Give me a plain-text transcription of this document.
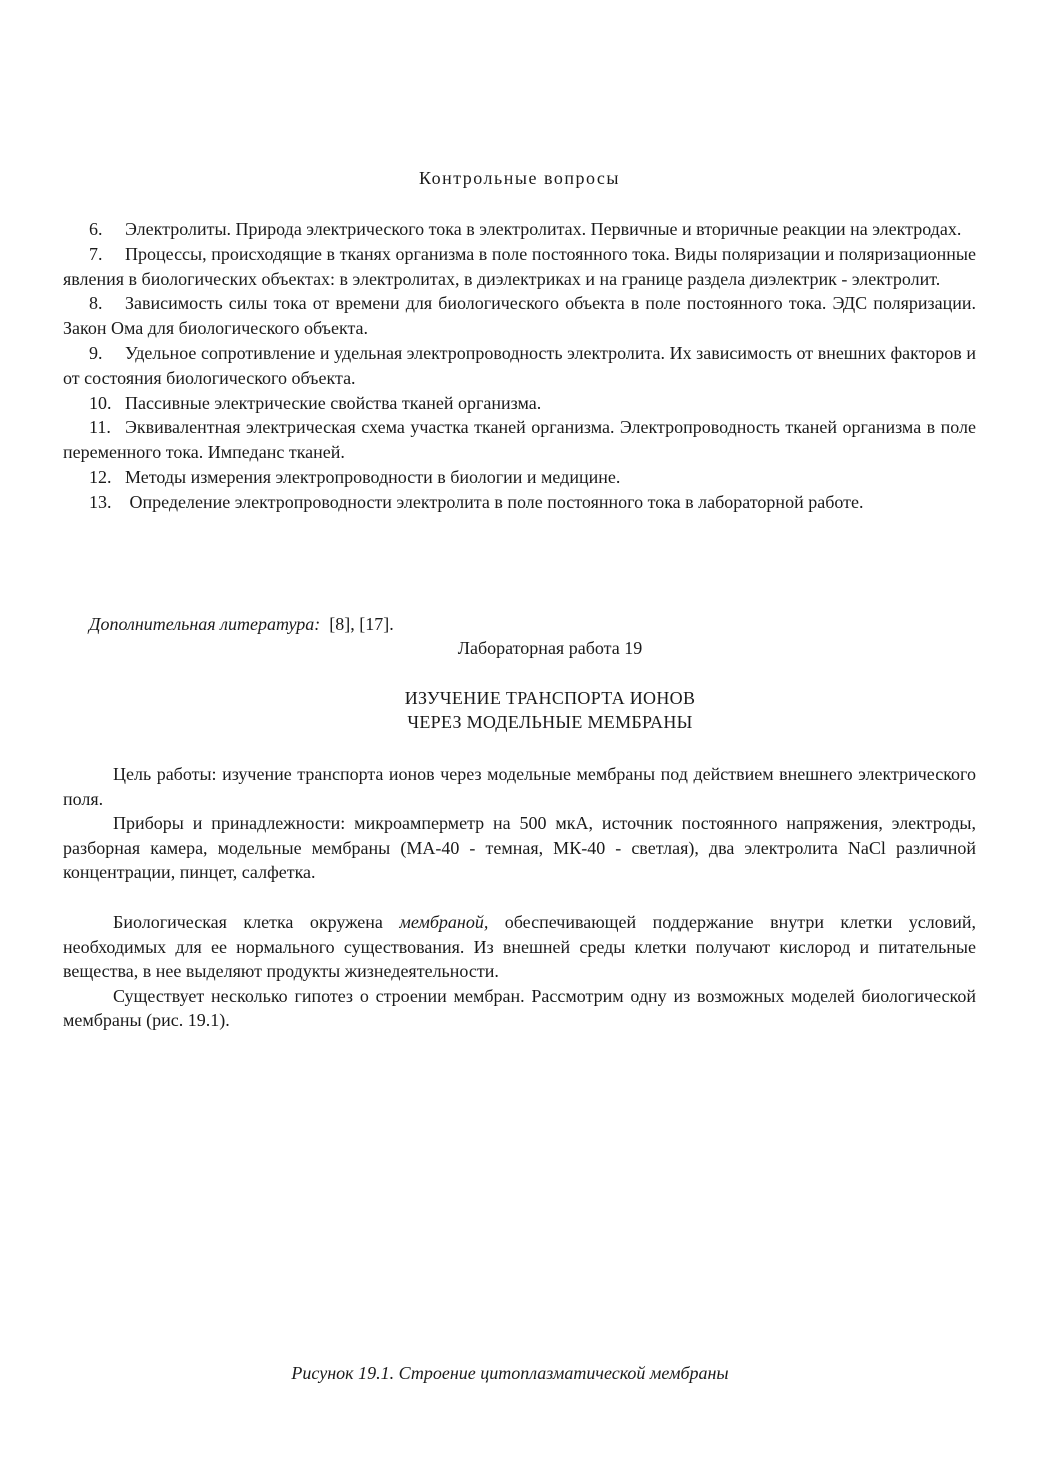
Контрольные вопросы
6. Электролиты. Природа электрического тока в электролитах. Первичные и вторичные реакции на электродах.
7. Процессы, происходящие в тканях организма в поле постоянного тока. Виды поляризации и поляризационные явления в биологических объектах: в электролитах, в диэлектриках и на границе раздела диэлектрик - электролит.
8. Зависимость силы тока от времени для биологического объекта в поле постоянного тока. ЭДС поляризации. Закон Ома для биологического объекта.
9. Удельное сопротивление и удельная электропроводность электролита. Их зависимость от внешних факторов и от состояния биологического объекта.
10. Пассивные электрические свойства тканей организма.
11. Эквивалентная электрическая схема участка тканей организма. Электропроводность тканей организма в поле переменного тока. Импеданс тканей.
12. Методы измерения электропроводности в биологии и медицине.
13. Определение электропроводности электролита в поле постоянного тока в лабораторной работе.
Дополнительная литература: [8], [17].
Лабораторная работа 19
ИЗУЧЕНИЕ ТРАНСПОРТА ИОНОВ
ЧЕРЕЗ МОДЕЛЬНЫЕ МЕМБРАНЫ

Цель работы: изучение транспорта ионов через модельные мембраны под действием внешнего электрического поля.

Приборы и принадлежности: микроамперметр на 500 мкА, источник постоянного напряжения, электроды, разборная камера, модельные мембраны (МА-40 - темная, МК-40 - светлая), два электролита NaCl различной концентрации, пинцет, салфетка.

Биологическая клетка окружена мембраной, обеспечивающей поддержание внутри клетки условий, необходимых для ее нормального существования. Из внешней среды клетки получают кислород и питательные вещества, в нее выделяют продукты жизнедеятельности.

Существует несколько гипотез о строении мембран. Рассмотрим одну из возможных моделей биологической мембраны (рис. 19.1).

Рисунок 19.1. Строение цитоплазматической мембраны
